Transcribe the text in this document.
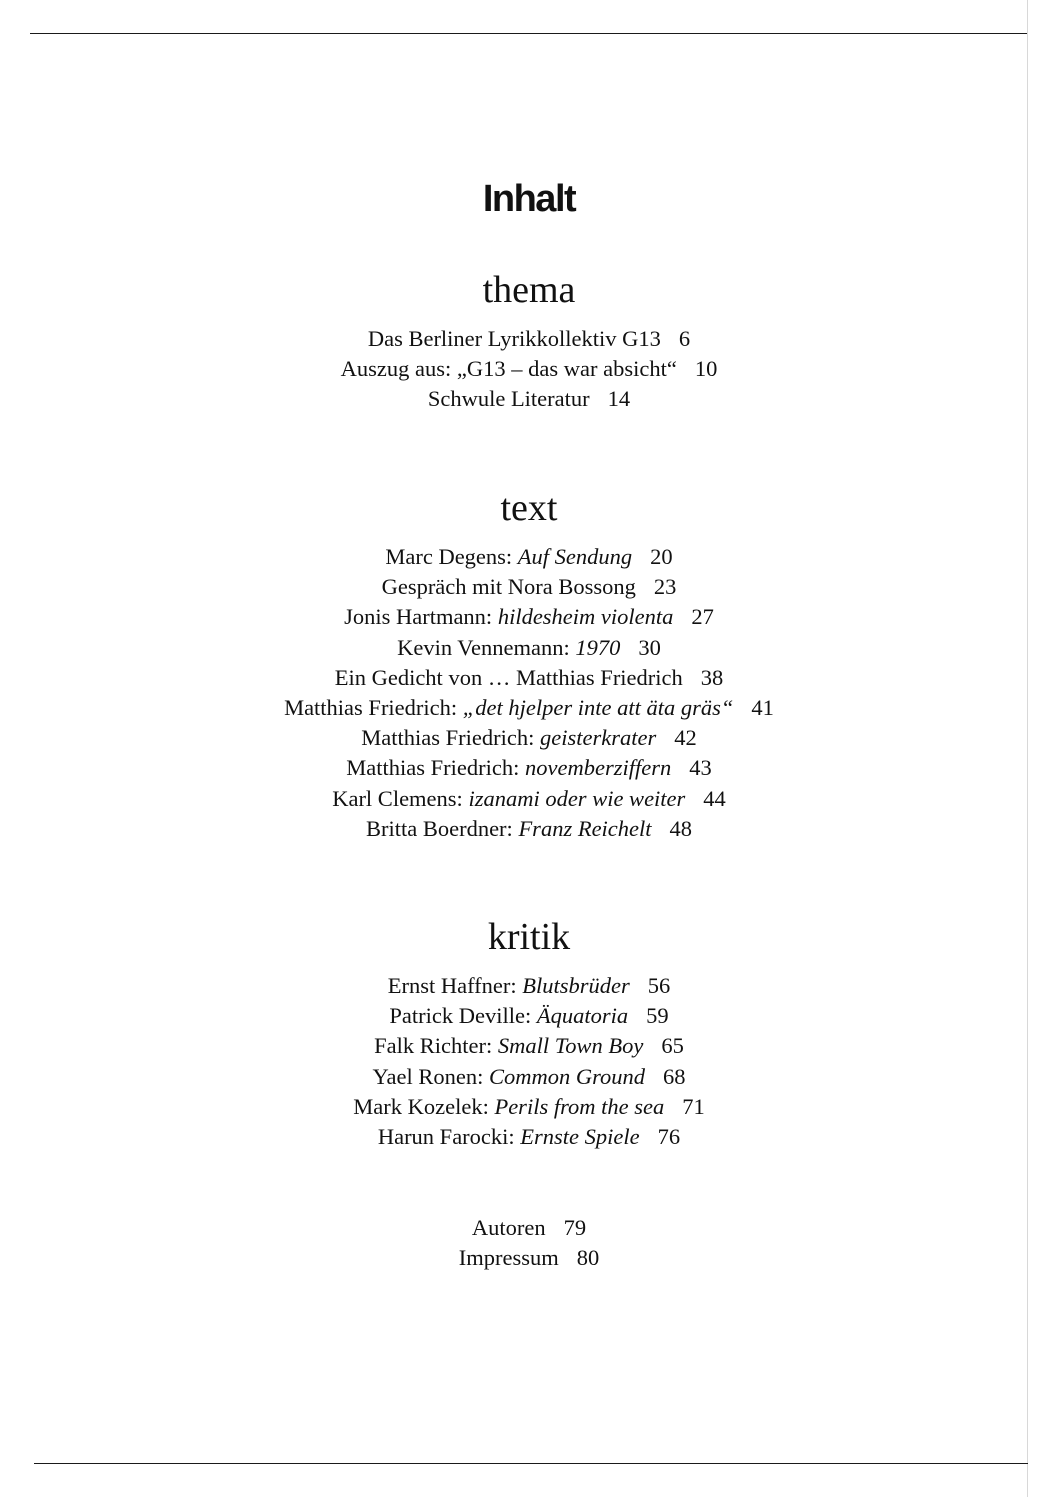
Inhalt
thema
Das Berliner Lyrikkollektiv G13 6
Auszug aus: „G13 – das war absicht“ 10
Schwule Literatur 14
text
Marc Degens: Auf Sendung 20
Gespräch mit Nora Bossong 23
Jonis Hartmann: hildesheim violenta 27
Kevin Vennemann: 1970 30
Ein Gedicht von … Matthias Friedrich 38
Matthias Friedrich: „det hjelper inte att äta gräs“ 41
Matthias Friedrich: geisterkrater 42
Matthias Friedrich: novemberziffern 43
Karl Clemens: izanami oder wie weiter 44
Britta Boerdner: Franz Reichelt 48
kritik
Ernst Haffner: Blutsbrüder 56
Patrick Deville: Äquatoria 59
Falk Richter: Small Town Boy 65
Yael Ronen: Common Ground 68
Mark Kozelek: Perils from the sea 71
Harun Farocki: Ernste Spiele 76
Autoren 79
Impressum 80
